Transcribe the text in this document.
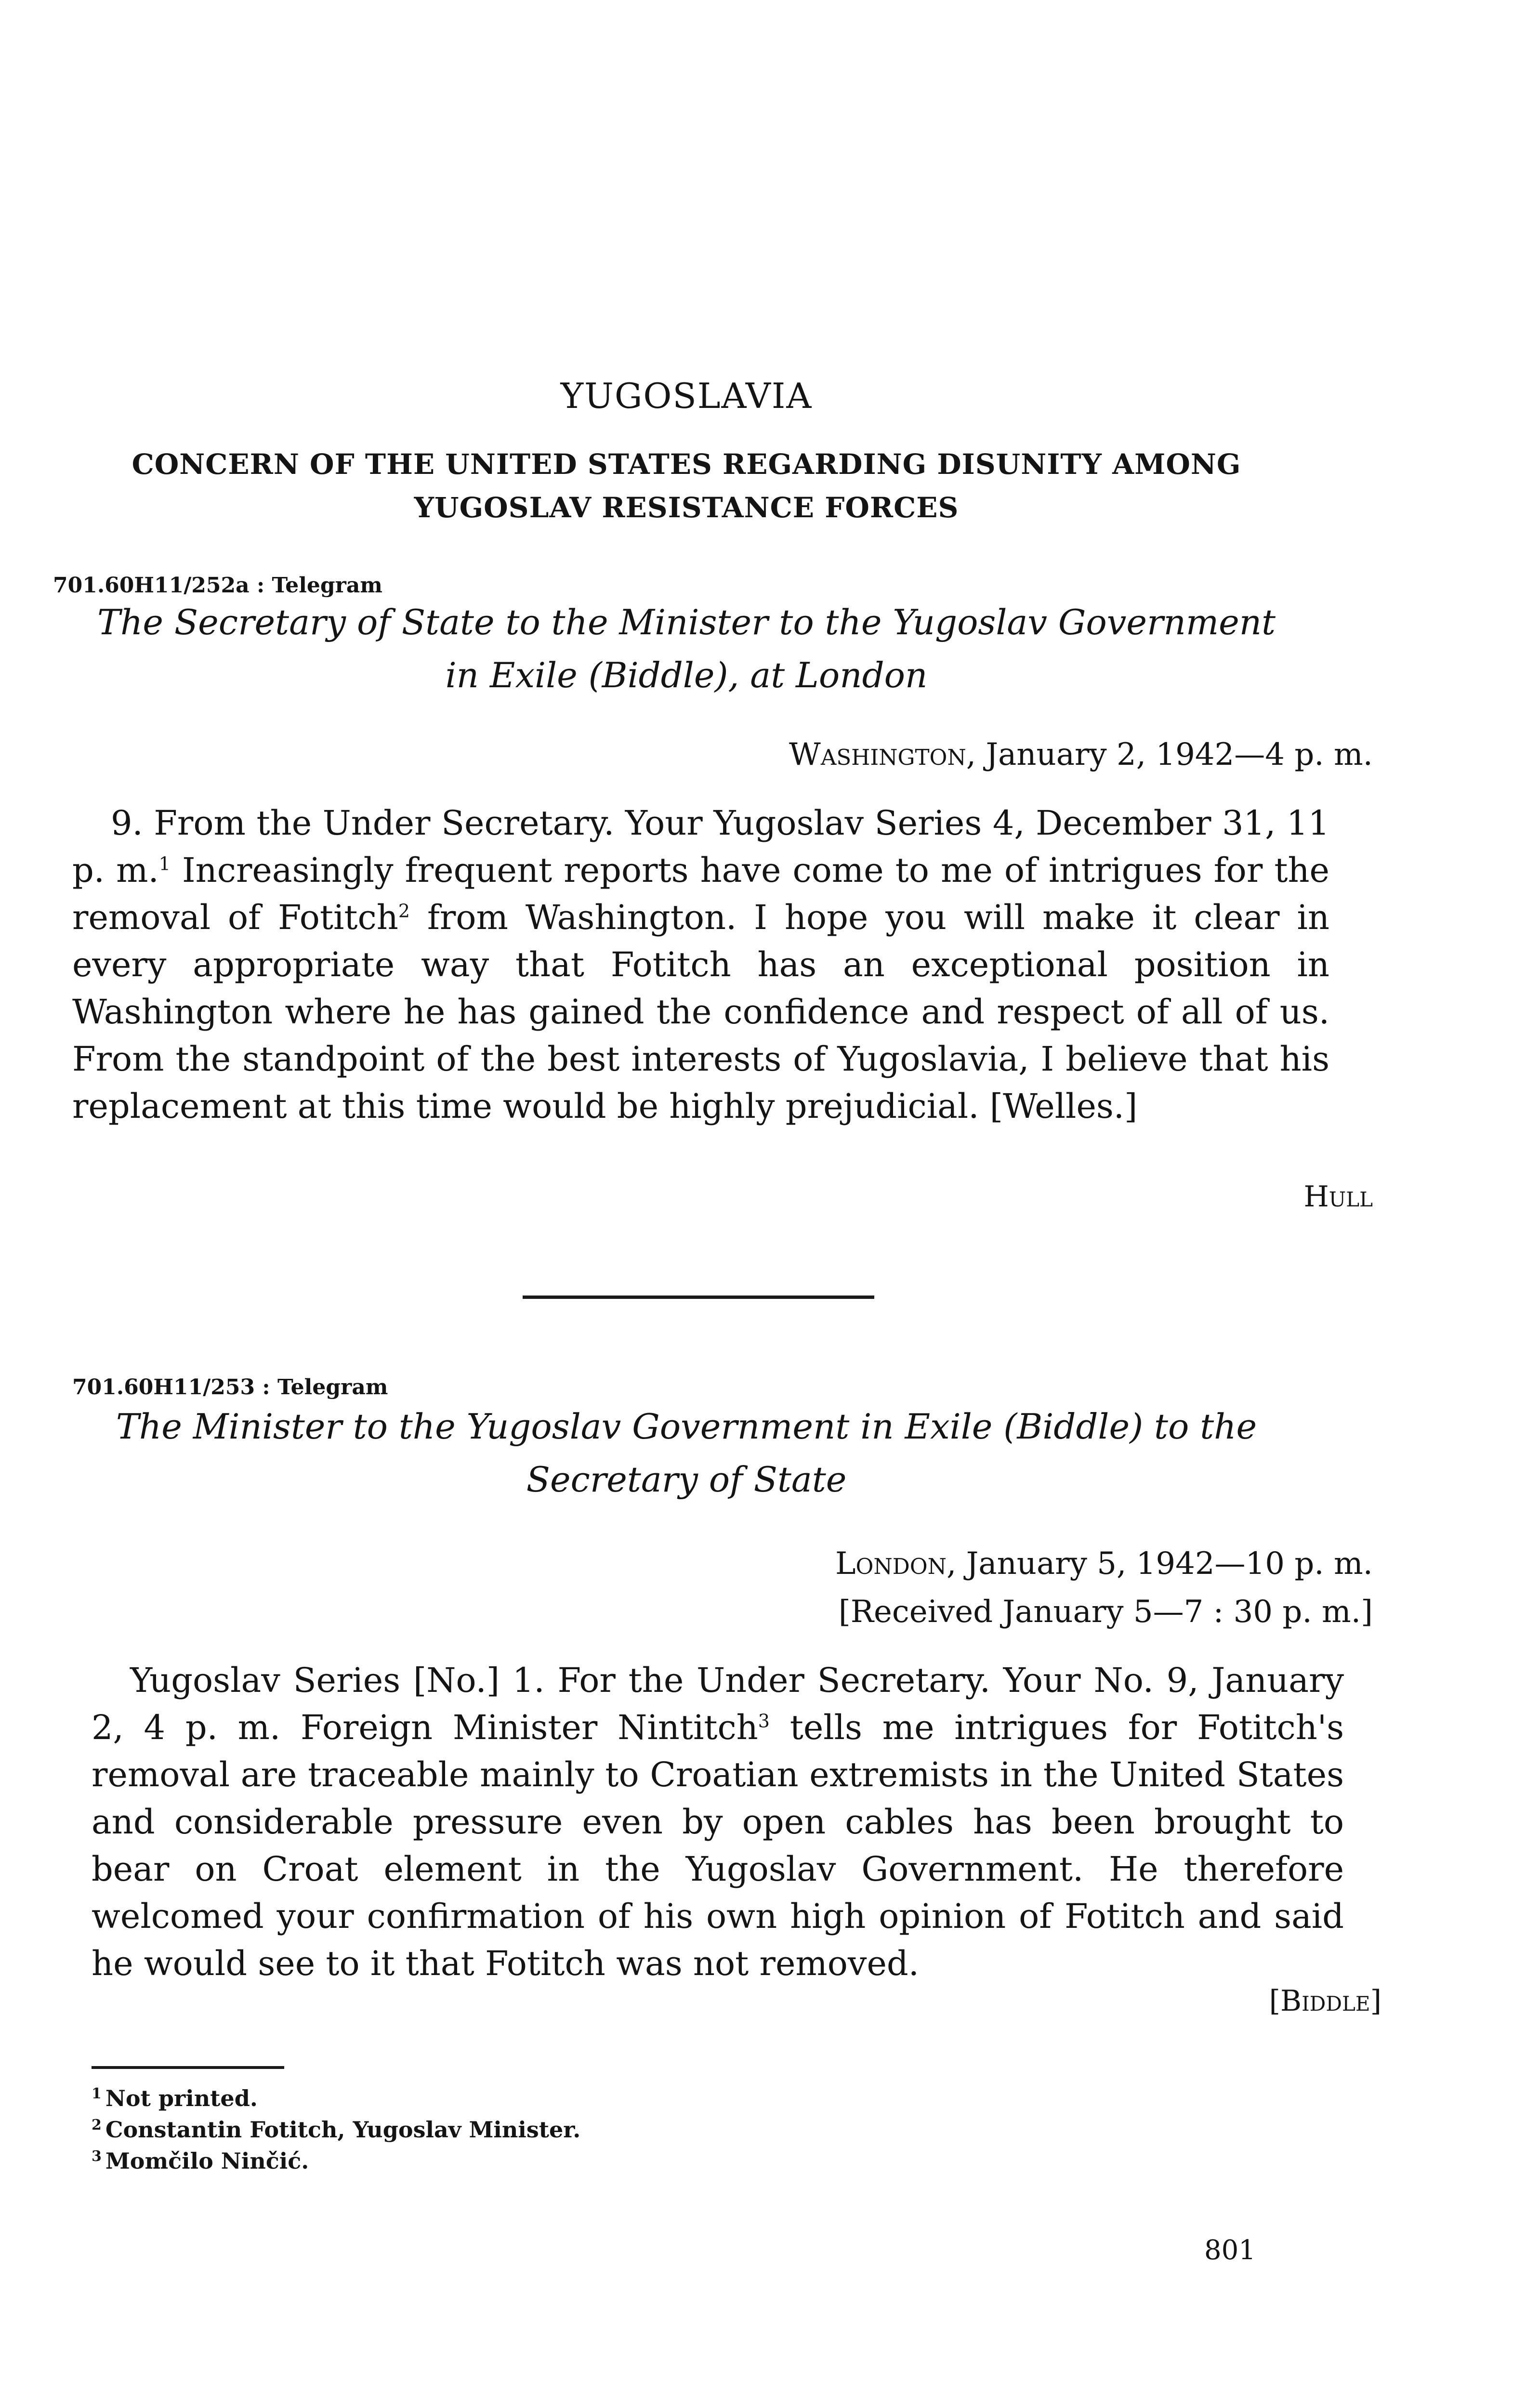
YUGOSLAVIA
CONCERN OF THE UNITED STATES REGARDING DISUNITY AMONG
YUGOSLAV RESISTANCE FORCES
701.60H11/252a : Telegram
The Secretary of State to the Minister to the Yugoslav Government
in Exile (Biddle), at London
Washington, January 2, 1942—4 p. m.

9. From the Under Secretary. Your Yugoslav Series 4, December 31, 11 p. m.$^1$ Increasingly frequent reports have come to me of intrigues for the removal of Fotitch$^2$ from Washington. I hope you will make it clear in every appropriate way that Fotitch has an exceptional position in Washington where he has gained the confidence and respect of all of us. From the standpoint of the best interests of Yugoslavia, I believe that his replacement at this time would be highly prejudicial. [Welles.]

Hull
701.60H11/253 : Telegram
The Minister to the Yugoslav Government in Exile (Biddle) to the
Secretary of State
London, January 5, 1942—10 p. m.
[Received January 5—7 : 30 p. m.]

Yugoslav Series [No.] 1. For the Under Secretary. Your No. 9, January 2, 4 p. m. Foreign Minister Nintitch$^3$ tells me intrigues for Fotitch's removal are traceable mainly to Croatian extremists in the United States and considerable pressure even by open cables has been brought to bear on Croat element in the Yugoslav Government. He therefore welcomed your confirmation of his own high opinion of Fotitch and said he would see to it that Fotitch was not removed.

[Biddle]
$^1$ Not printed.
$^2$ Constantin Fotitch, Yugoslav Minister.
$^3$ Momčilo Ninčić.
801
